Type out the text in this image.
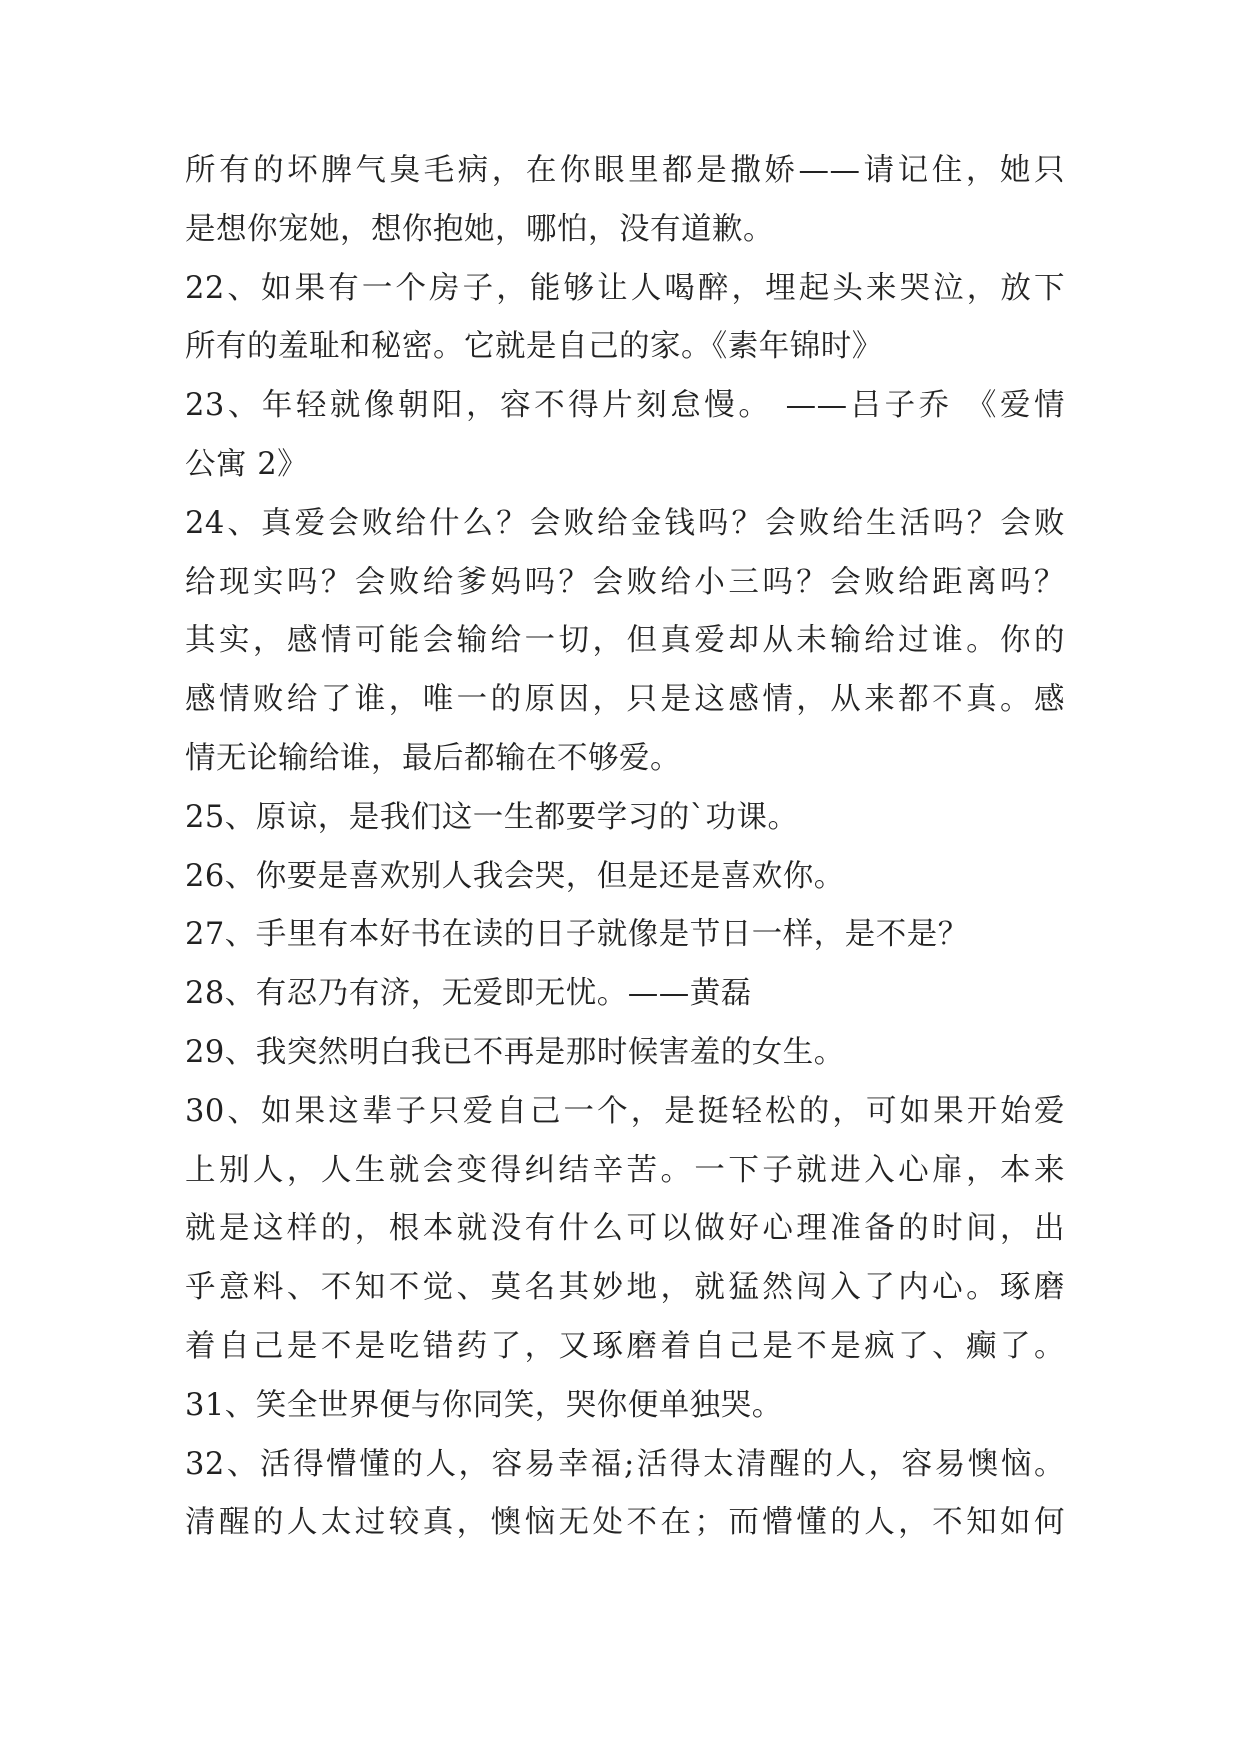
所有的坏脾气臭毛病，在你眼里都是撒娇——请记住，她只
是想你宠她，想你抱她，哪怕，没有道歉。
22、如果有一个房子，能够让人喝醉，埋起头来哭泣，放下
所有的羞耻和秘密。它就是自己的家。《素年锦时》
23、年轻就像朝阳，容不得片刻怠慢。 ——吕子乔 《爱情
公寓 2》
24、真爱会败给什么？会败给金钱吗？会败给生活吗？会败
给现实吗？会败给爹妈吗？会败给小三吗？会败给距离吗？
其实，感情可能会输给一切，但真爱却从未输给过谁。你的
感情败给了谁，唯一的原因，只是这感情，从来都不真。感
情无论输给谁，最后都输在不够爱。
25、原谅，是我们这一生都要学习的`功课。
26、你要是喜欢别人我会哭，但是还是喜欢你。
27、手里有本好书在读的日子就像是节日一样，是不是？
28、有忍乃有济，无爱即无忧。——黄磊
29、我突然明白我已不再是那时候害羞的女生。
30、如果这辈子只爱自己一个，是挺轻松的，可如果开始爱
上别人，人生就会变得纠结辛苦。一下子就进入心扉，本来
就是这样的，根本就没有什么可以做好心理准备的时间，出
乎意料、不知不觉、莫名其妙地，就猛然闯入了内心。琢磨
着自己是不是吃错药了，又琢磨着自己是不是疯了、癫了。
31、笑全世界便与你同笑，哭你便单独哭。
32、活得懵懂的人，容易幸福;活得太清醒的人，容易懊恼。
清醒的人太过较真，懊恼无处不在；而懵懂的人，不知如何
